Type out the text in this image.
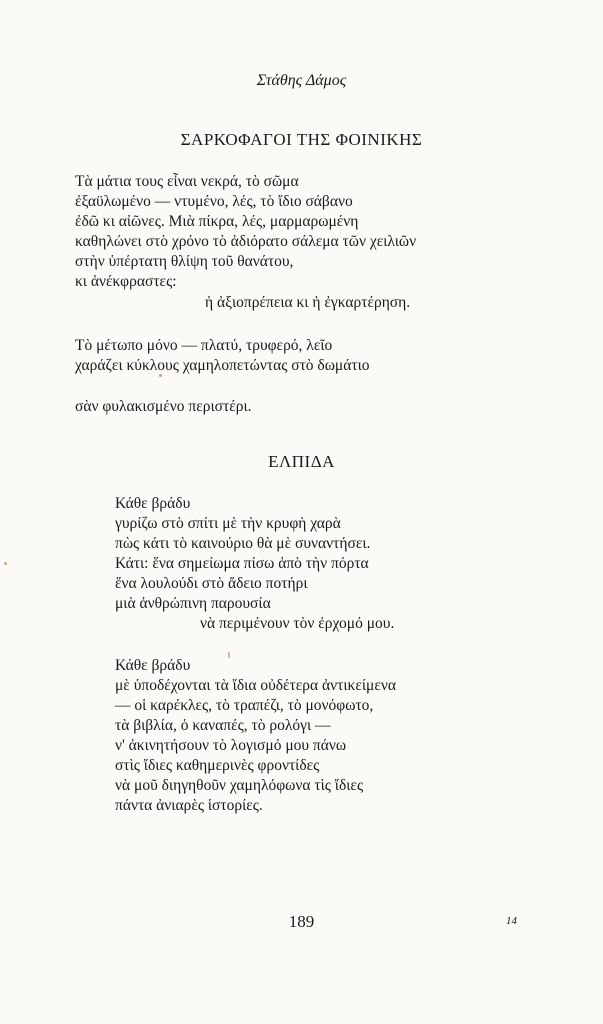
Στάθης Δάμος
ΣΑΡΚΟΦΑΓΟΙ ΤΗΣ ΦΟΙΝΙΚΗΣ
Τὰ μάτια τους εἶναι νεκρά, τὸ σῶμα
ἐξαϋλωμένο — ντυμένο, λές, τὸ ἴδιο σάβανο
ἐδῶ κι αἰῶνες. Μιὰ πίκρα, λές, μαρμαρωμένη
καθηλώνει στὸ χρόνο τὸ ἀδιόρατο σάλεμα τῶν χειλιῶν
στὴν ὑπέρτατη θλίψη τοῦ θανάτου,
κι ἀνέκφραστες:
ἡ ἀξιοπρέπεια κι ἡ ἐγκαρτέρηση.
Τὸ μέτωπο μόνο — πλατύ, τρυφερό, λεῖο
χαράζει κύκλους χαμηλοπετώντας στὸ δωμάτιο
σὰν φυλακισμένο περιστέρι.
ΕΛΠΙΔΑ
Κάθε βράδυ
γυρίζω στὸ σπίτι μὲ τὴν κρυφὴ χαρὰ
πὼς κάτι τὸ καινούριο θὰ μὲ συναντήσει.
Κάτι: ἕνα σημείωμα πίσω ἀπὸ τὴν πόρτα
ἕνα λουλούδι στὸ ἄδειο ποτήρι
μιὰ ἀνθρώπινη παρουσία
νὰ περιμένουν τὸν ἐρχομό μου.
Κάθε βράδυ
μὲ ὑποδέχονται τὰ ἴδια οὐδέτερα ἀντικείμενα
— οἱ καρέκλες, τὸ τραπέζι, τὸ μονόφωτο,
τὰ βιβλία, ὁ καναπές, τὸ ρολόγι —
ν' ἀκινητήσουν τὸ λογισμό μου πάνω
στὶς ἴδιες καθημερινὲς φροντίδες
νὰ μοῦ διηγηθοῦν χαμηλόφωνα τὶς ἴδιες
πάντα ἀνιαρὲς ἱστορίες.
189	14
